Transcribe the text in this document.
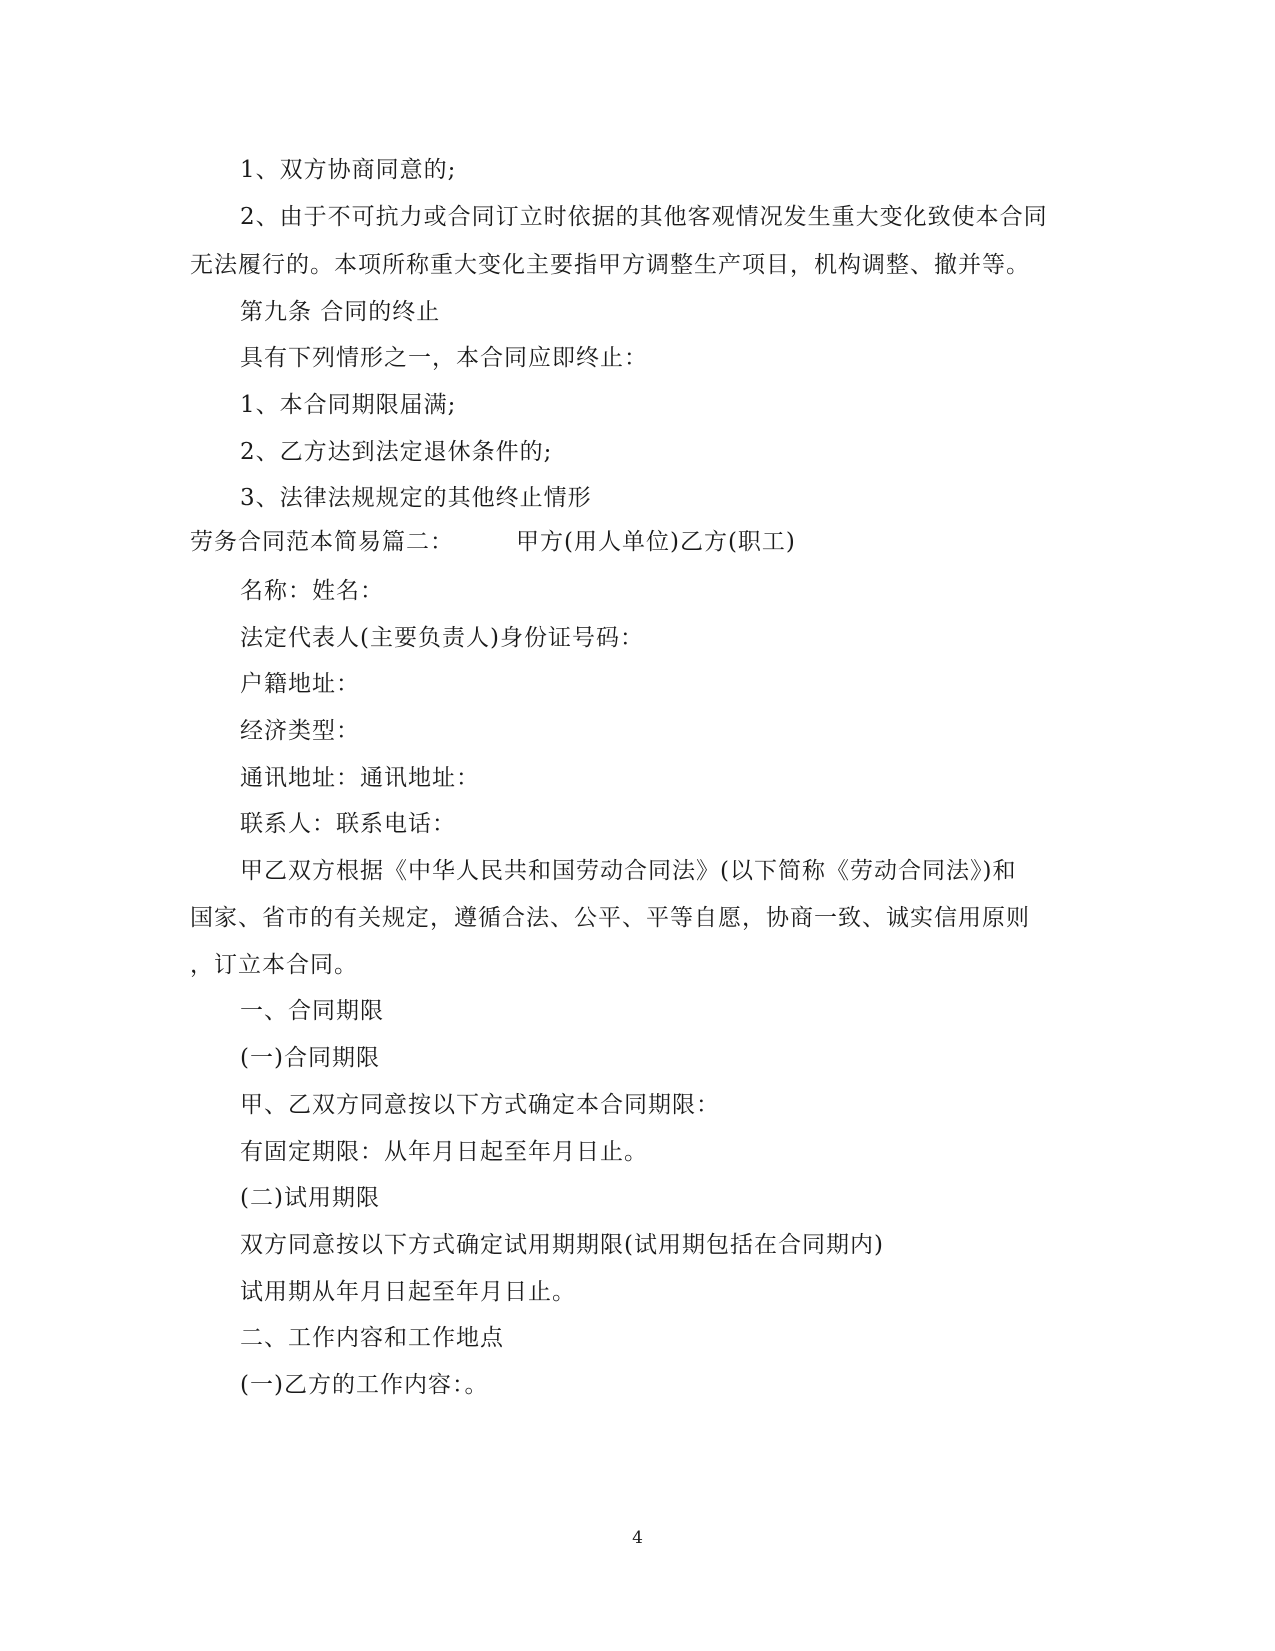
1、双方协商同意的;
2、由于不可抗力或合同订立时依据的其他客观情况发生重大变化致使本合同
无法履行的。本项所称重大变化主要指甲方调整生产项目，机构调整、撤并等。
第九条 合同的终止
具有下列情形之一，本合同应即终止：
1、本合同期限届满;
2、乙方达到法定退休条件的;
3、法律法规规定的其他终止情形
劳务合同范本简易篇二：	甲方(用人单位)乙方(职工)
名称：姓名：
法定代表人(主要负责人)身份证号码：
户籍地址：
经济类型：
通讯地址：通讯地址：
联系人：联系电话：
甲乙双方根据《中华人民共和国劳动合同法》(以下简称《劳动合同法》)和
国家、省市的有关规定，遵循合法、公平、平等自愿，协商一致、诚实信用原则
，订立本合同。
一、合同期限
(一)合同期限
甲、乙双方同意按以下方式确定本合同期限：
有固定期限：从年月日起至年月日止。
(二)试用期限
双方同意按以下方式确定试用期期限(试用期包括在合同期内)
试用期从年月日起至年月日止。
二、工作内容和工作地点
(一)乙方的工作内容：。
4
